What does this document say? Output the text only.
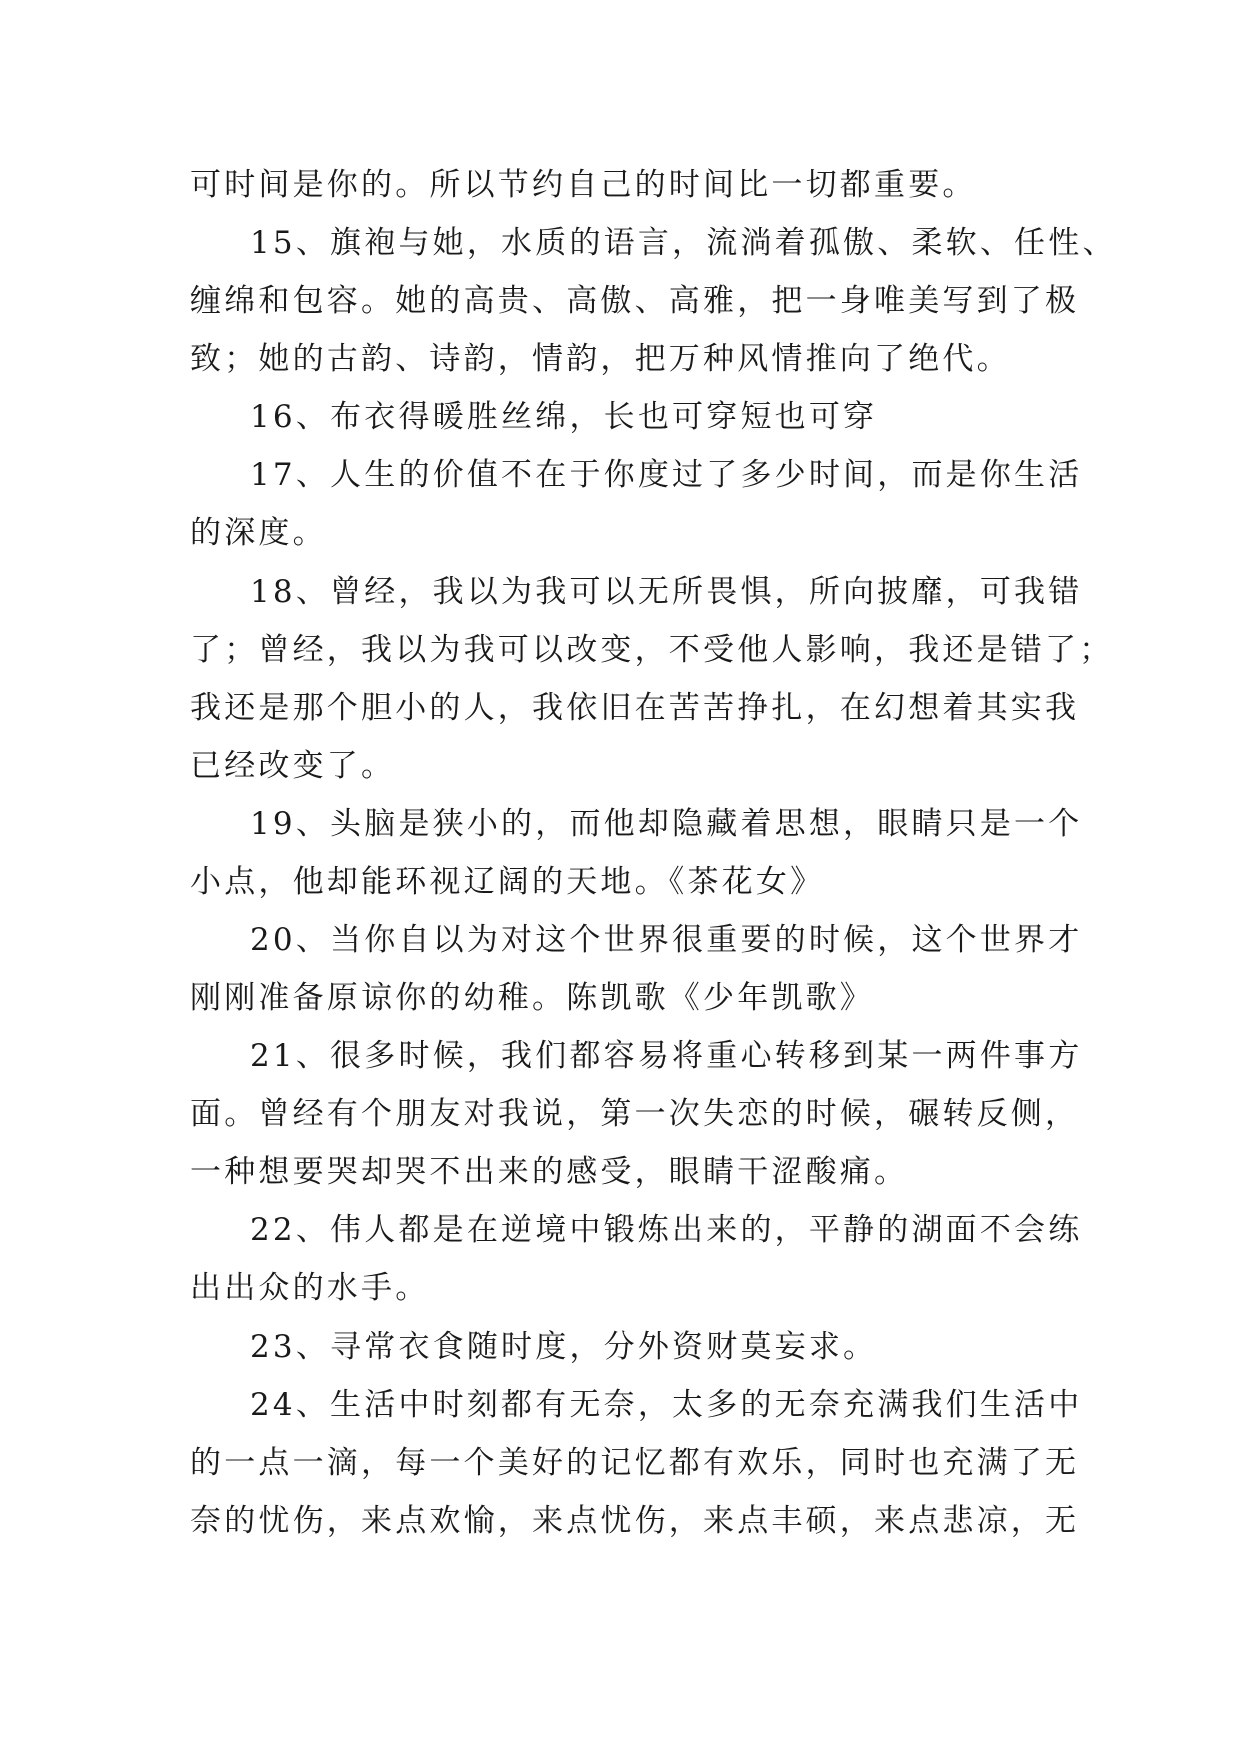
可时间是你的。所以节约自己的时间比一切都重要。
15、旗袍与她，水质的语言，流淌着孤傲、柔软、任性、
缠绵和包容。她的高贵、高傲、高雅，把一身唯美写到了极
致；她的古韵、诗韵，情韵，把万种风情推向了绝代。
16、布衣得暖胜丝绵，长也可穿短也可穿
17、人生的价值不在于你度过了多少时间，而是你生活
的深度。
18、曾经，我以为我可以无所畏惧，所向披靡，可我错
了；曾经，我以为我可以改变，不受他人影响，我还是错了；
我还是那个胆小的人，我依旧在苦苦挣扎，在幻想着其实我
已经改变了。
19、头脑是狭小的，而他却隐藏着思想，眼睛只是一个
小点，他却能环视辽阔的天地。《茶花女》
20、当你自以为对这个世界很重要的时候，这个世界才
刚刚准备原谅你的幼稚。陈凯歌《少年凯歌》
21、很多时候，我们都容易将重心转移到某一两件事方
面。曾经有个朋友对我说，第一次失恋的时候，碾转反侧，
一种想要哭却哭不出来的感受，眼睛干涩酸痛。
22、伟人都是在逆境中锻炼出来的，平静的湖面不会练
出出众的水手。
23、寻常衣食随时度，分外资财莫妄求。
24、生活中时刻都有无奈，太多的无奈充满我们生活中
的一点一滴，每一个美好的记忆都有欢乐，同时也充满了无
奈的忧伤，来点欢愉，来点忧伤，来点丰硕，来点悲凉，无
